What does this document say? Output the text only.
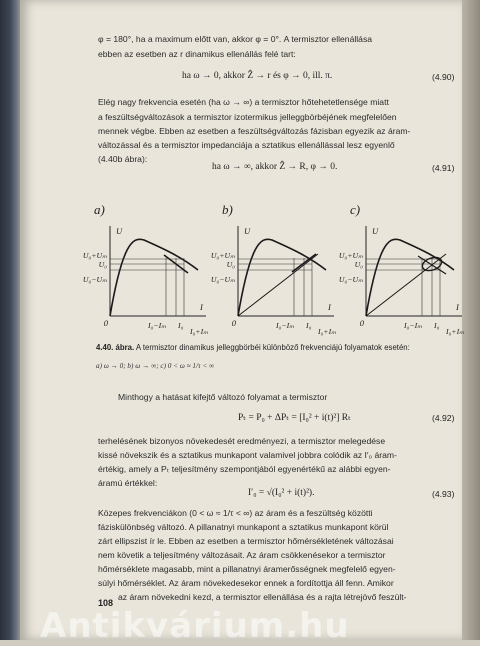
φ = 180°, ha a maximum előtt van, akkor φ = 0°. A termisztor ellenállása
ebben az esetben az r dinamikus ellenállás felé tart:
ha ω → 0, akkor Ẑ → r és φ → 0, ill. π.	(4.90)
Elég nagy frekvencia esetén (ha ω → ∞) a termisztor hőtehetetlensége miatt
a feszültségváltozások a termisztor izotermikus jelleggbörbéjének megfelelően
mennek végbe. Ebben az esetben a feszültségváltozás fázisban egyezik az áram-
változással és a termisztor impedanciája a sztatikus ellenállással lesz egyenlő
(4.40b ábra):
ha ω → ∞, akkor Ẑ → R, φ → 0.	(4.91)
a)
U
I
0
U₀+Uₘ
U₀
U₀−Uₘ
I₀−Iₘ I₀
I₀+Iₘ
b)
U
I
0
U₀+Uₘ
U₀
U₀−Uₘ
I₀−Iₘ I₀
I₀+Iₘ
c)
U
I
0
U₀+Uₘ
U₀
U₀−Uₘ
I₀−Iₘ I₀
I₀+Iₘ
4.40. ábra. A termisztor dinamikus jelleggbörbéi különböző frekvenciájú folyamatok esetén:
a) ω → 0; b) ω → ∞; c) 0 < ω ≈ 1/τ < ∞
Minthogy a hatásat kifejtő változó folyamat a termisztor
Pₜ = P₀ + ΔPₜ = [I₀² + i(t)²] Rₜ	(4.92)
terhelésének bizonyos növekedesét eredményezi, a termisztor melegedése
kissé növekszik és a sztatikus munkapont valamivel jobbra colódik az I′₀ áram-
értékig, amely a Pₜ teljesítmény szempontjából egyenértékű az alábbi egyen-
áramú értékkel:
I′₀ = √(I₀² + i(t)²).	(4.93)
Közepes frekvenciákon (0 < ω ≈ 1/τ < ∞) az áram és a feszültség közötti
fáziskülönbség változó. A pillanatnyi munkapont a sztatikus munkapont körül
zárt ellipszist ír le. Ebben az esetben a termisztor hőmérsékletének változásai
nem követik a teljesítmény változásait. Az áram csökkenésekor a termisztor
hőmérséklete magasabb, mint a pillanatnyi áramerősségnek megfelelő egyen-
súlyi hőmérséklet. Az áram növekedesekor ennek a fordítottja áll fenn. Amikor
az áram növekedni kezd, a termisztor ellenállása és a rajta létrejövő feszült-
108
Antikvárium.hu
